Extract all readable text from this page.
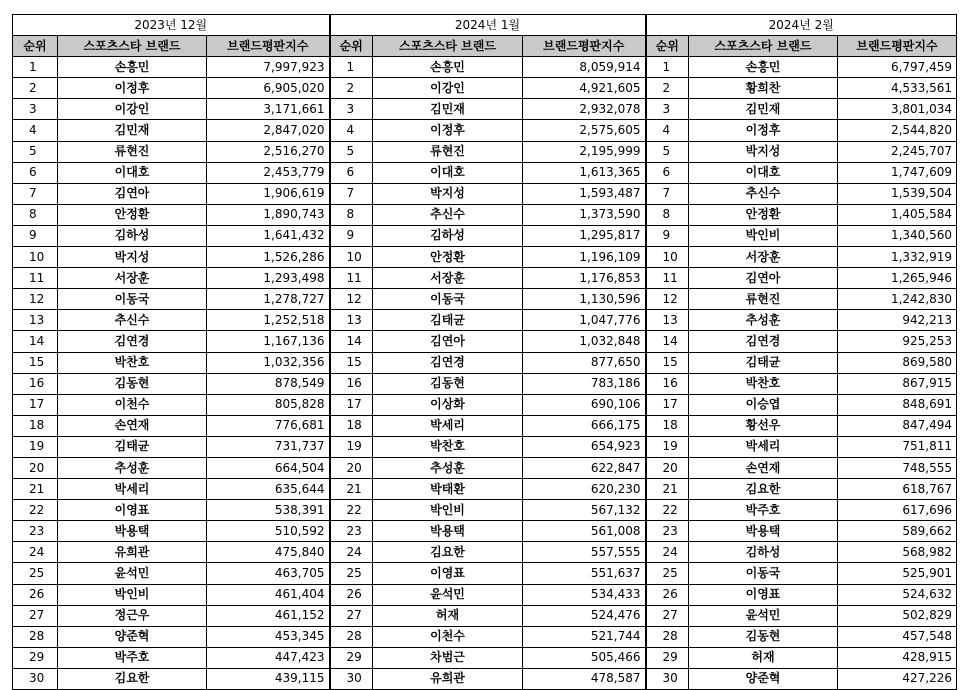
2023년 12월			2024년 1월			2024년 2월		
순위	스포츠스타 브랜드	브랜드평판지수	순위	스포츠스타 브랜드	브랜드평판지수	순위	스포츠스타 브랜드	브랜드평판지수
1	손흥민	7,997,923	1	손흥민	8,059,914	1	손흥민	6,797,459
2	이정후	6,905,020	2	이강인	4,921,605	2	황희찬	4,533,561
3	이강인	3,171,661	3	김민재	2,932,078	3	김민재	3,801,034
4	김민재	2,847,020	4	이정후	2,575,605	4	이정후	2,544,820
5	류현진	2,516,270	5	류현진	2,195,999	5	박지성	2,245,707
6	이대호	2,453,779	6	이대호	1,613,365	6	이대호	1,747,609
7	김연아	1,906,619	7	박지성	1,593,487	7	추신수	1,539,504
8	안정환	1,890,743	8	추신수	1,373,590	8	안정환	1,405,584
9	김하성	1,641,432	9	김하성	1,295,817	9	박인비	1,340,560
10	박지성	1,526,286	10	안정환	1,196,109	10	서장훈	1,332,919
11	서장훈	1,293,498	11	서장훈	1,176,853	11	김연아	1,265,946
12	이동국	1,278,727	12	이동국	1,130,596	12	류현진	1,242,830
13	추신수	1,252,518	13	김태균	1,047,776	13	추성훈	942,213
14	김연경	1,167,136	14	김연아	1,032,848	14	김연경	925,253
15	박찬호	1,032,356	15	김연경	877,650	15	김태균	869,580
16	김동현	878,549	16	김동현	783,186	16	박찬호	867,915
17	이천수	805,828	17	이상화	690,106	17	이승엽	848,691
18	손연재	776,681	18	박세리	666,175	18	황선우	847,494
19	김태균	731,737	19	박찬호	654,923	19	박세리	751,811
20	추성훈	664,504	20	추성훈	622,847	20	손연재	748,555
21	박세리	635,644	21	박태환	620,230	21	김요한	618,767
22	이영표	538,391	22	박인비	567,132	22	박주호	617,696
23	박용택	510,592	23	박용택	561,008	23	박용택	589,662
24	유희관	475,840	24	김요한	557,555	24	김하성	568,982
25	윤석민	463,705	25	이영표	551,637	25	이동국	525,901
26	박인비	461,404	26	윤석민	534,433	26	이영표	524,632
27	정근우	461,152	27	허재	524,476	27	윤석민	502,829
28	양준혁	453,345	28	이천수	521,744	28	김동현	457,548
29	박주호	447,423	29	차범근	505,466	29	허재	428,915
30	김요한	439,115	30	유희관	478,587	30	양준혁	427,226
